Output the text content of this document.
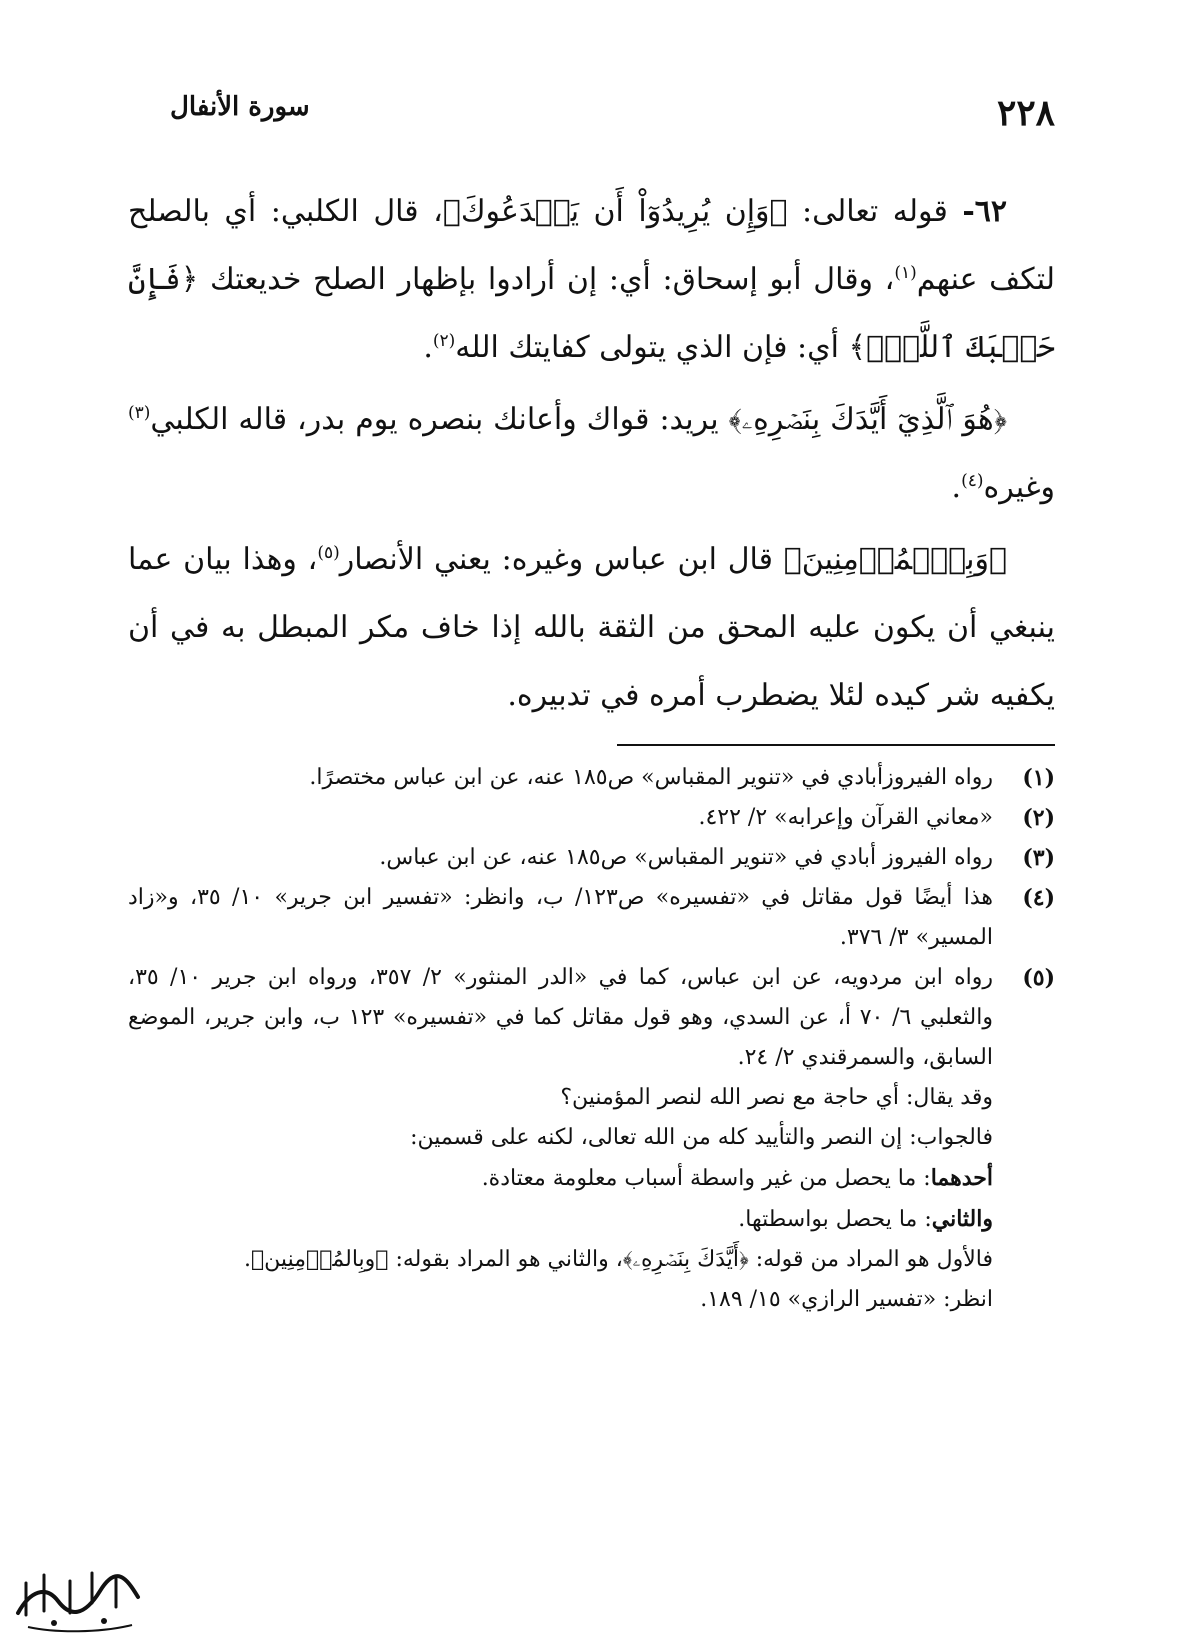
٢٢٨
سورة الأنفال

٦٢- قوله تعالى: ﴿وَإِن يُرِيدُوٓاْ أَن يَخۡدَعُوكَ﴾، قال الكلبي: أي بالصلح لتكف عنهم$^{(١)}$، وقال أبو إسحاق: أي: إن أرادوا بإظهار الصلح خديعتك ﴿فَإِنَّ حَسۡبَكَ ٱللَّهُۚ﴾ أي: فإن الذي يتولى كفايتك الله$^{(٢)}$.

﴿هُوَ ٱلَّذِيٓ أَيَّدَكَ بِنَصۡرِهِۦ﴾ يريد: قواك وأعانك بنصره يوم بدر، قاله الكلبي$^{(٣)}$ وغيره$^{(٤)}$.

﴿وَبِٱلۡمُؤۡمِنِينَ﴾ قال ابن عباس وغيره: يعني الأنصار$^{(٥)}$، وهذا بيان عما ينبغي أن يكون عليه المحق من الثقة بالله إذا خاف مكر المبطل به في أن يكفيه شر كيده لئلا يضطرب أمره في تدبيره.

(١)
رواه الفيروزأبادي في «تنوير المقباس» ص١٨٥ عنه، عن ابن عباس مختصرًا.

(٢)
«معاني القرآن وإعرابه» ٢/ ٤٢٢.

(٣)
رواه الفيروز أبادي في «تنوير المقباس» ص١٨٥ عنه، عن ابن عباس.

(٤)
هذا أيضًا قول مقاتل في «تفسيره» ص١٢٣/ ب، وانظر: «تفسير ابن جرير» ١٠/ ٣٥، و«زاد المسير» ٣/ ٣٧٦.

(٥)
رواه ابن مردويه، عن ابن عباس، كما في «الدر المنثور» ٢/ ٣٥٧، ورواه ابن جرير ١٠/ ٣٥، والثعلبي ٦/ ٧٠ أ، عن السدي، وهو قول مقاتل كما في «تفسيره» ١٢٣ ب، وابن جرير، الموضع السابق، والسمرقندي ٢/ ٢٤.
وقد يقال: أي حاجة مع نصر الله لنصر المؤمنين؟
فالجواب: إن النصر والتأييد كله من الله تعالى، لكنه على قسمين:
أحدهما: ما يحصل من غير واسطة أسباب معلومة معتادة.
والثاني: ما يحصل بواسطتها.
فالأول هو المراد من قوله: ﴿أَيَّدَكَ بِنَصۡرِهِۦ﴾، والثاني هو المراد بقوله: ﴿وبِالمُؤۡمِنِين﴾.
انظر: «تفسير الرازي» ١٥/ ١٨٩.
